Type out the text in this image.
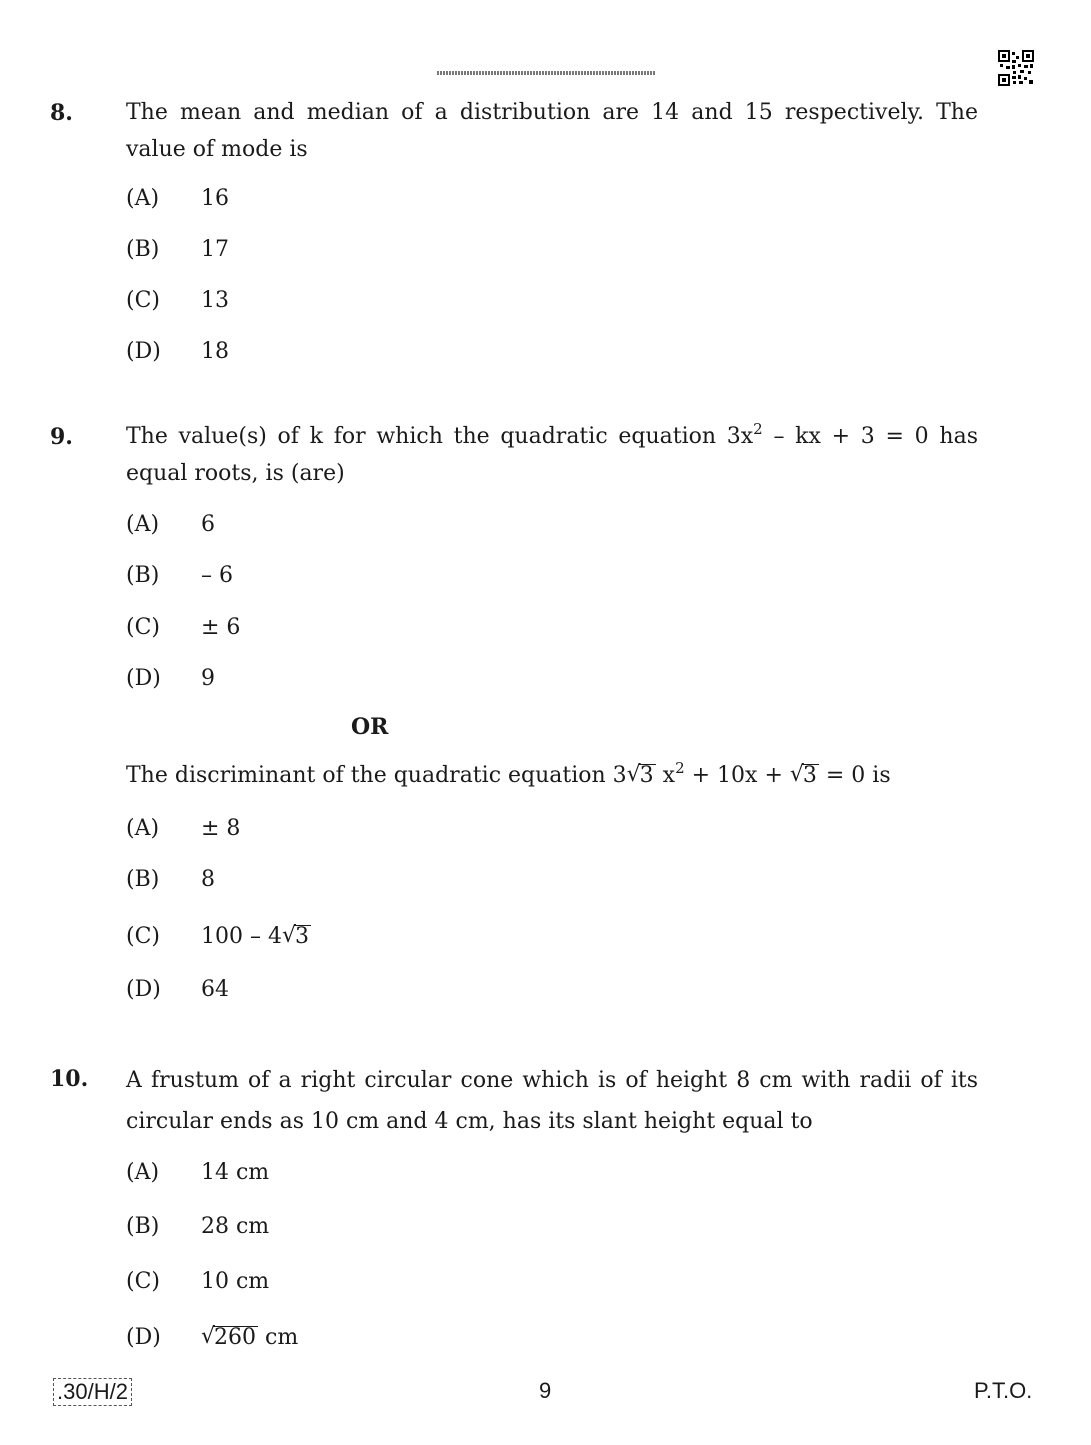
8. The mean and median of a distribution are 14 and 15 respectively. The value of mode is
(A) 16
(B) 17
(C) 13
(D) 18
9. The value(s) of k for which the quadratic equation $3x^2$ – kx + 3 = 0 has equal roots, is (are)
(A) 6
(B) – 6
(C) ± 6
(D) 9
OR
The discriminant of the quadratic equation 3 √
3 $x^2 + 10x$ + √
3 = 0 is
(A) ± 8
(B) 8
(C) 100 – 4 √
3
(D) 64
10. A frustum of a right circular cone which is of height 8 cm with radii of its circular ends as 10 cm and 4 cm, has its slant height equal to
(A) 14 cm
(B) 28 cm
(C) 10 cm
(D) √
260 cm
.30/H/2	9	P.T.O.
